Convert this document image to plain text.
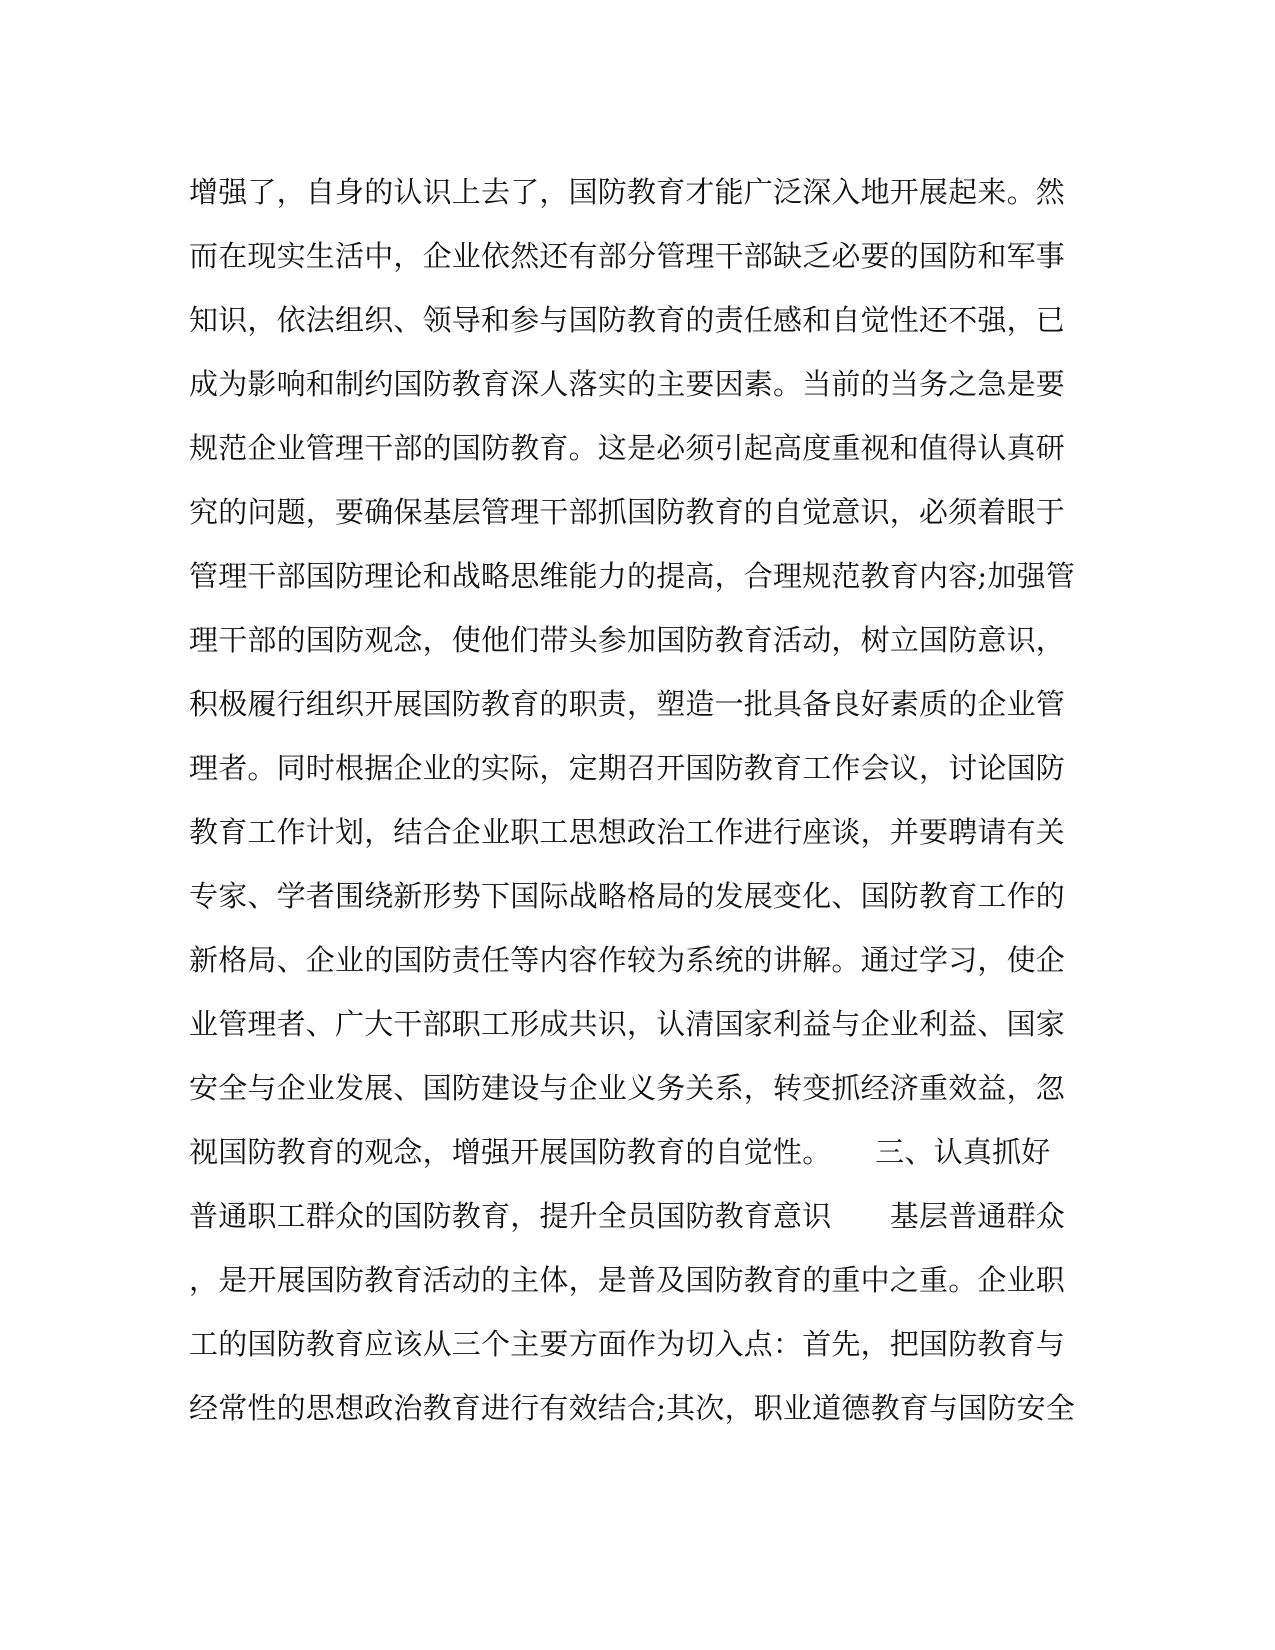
增强了，自身的认识上去了，国防教育才能广泛深入地开展起来。然
而在现实生活中，企业依然还有部分管理干部缺乏必要的国防和军事
知识，依法组织、领导和参与国防教育的责任感和自觉性还不强，已
成为影响和制约国防教育深人落实的主要因素。当前的当务之急是要
规范企业管理干部的国防教育。这是必须引起高度重视和值得认真研
究的问题，要确保基层管理干部抓国防教育的自觉意识，必须着眼于
管理干部国防理论和战略思维能力的提高，合理规范教育内容;加强管
理干部的国防观念，使他们带头参加国防教育活动，树立国防意识，
积极履行组织开展国防教育的职责，塑造一批具备良好素质的企业管
理者。同时根据企业的实际，定期召开国防教育工作会议，讨论国防
教育工作计划，结合企业职工思想政治工作进行座谈，并要聘请有关
专家、学者围绕新形势下国际战略格局的发展变化、国防教育工作的
新格局、企业的国防责任等内容作较为系统的讲解。通过学习，使企
业管理者、广大干部职工形成共识，认清国家利益与企业利益、国家
安全与企业发展、国防建设与企业义务关系，转变抓经济重效益，忽
视国防教育的观念，增强开展国防教育的自觉性。　　三、认真抓好
普通职工群众的国防教育，提升全员国防教育意识　　基层普通群众
，是开展国防教育活动的主体，是普及国防教育的重中之重。企业职
工的国防教育应该从三个主要方面作为切入点：首先，把国防教育与
经常性的思想政治教育进行有效结合;其次，职业道德教育与国防安全
